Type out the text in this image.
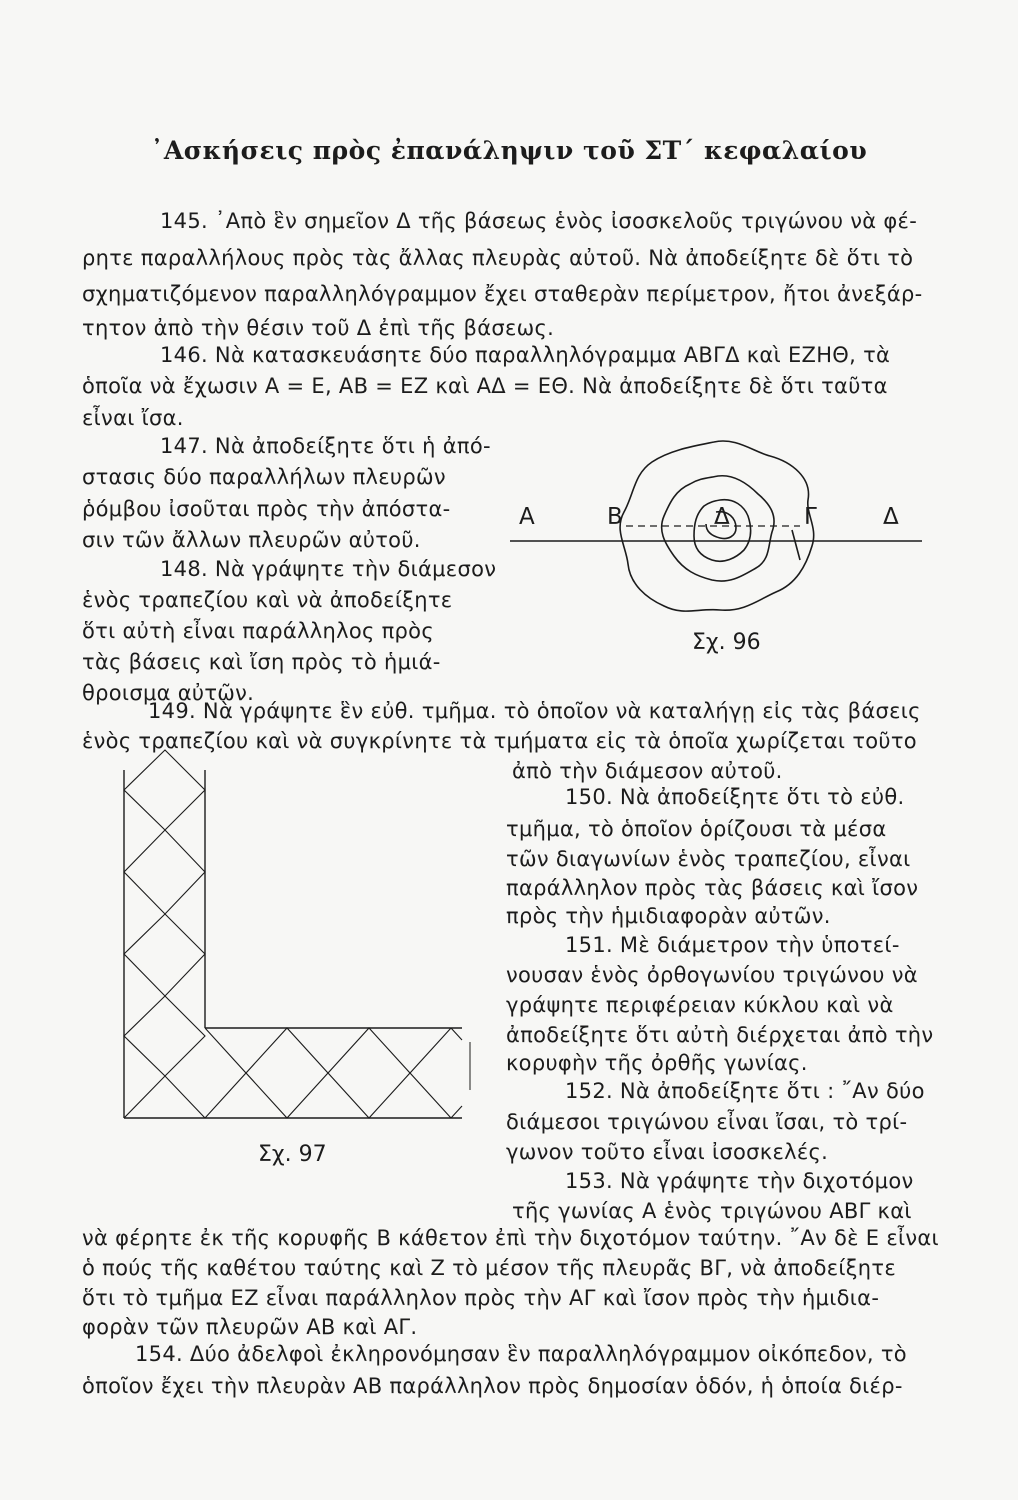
᾽Ασκήσεις πρὸς ἐπανάληψιν τοῦ ΣΤ΄ κεφαλαίου
145. ᾽Απὸ ἓν σημεῖον Δ τῆς βάσεως ἑνὸς ἰσοσκελοῦς τριγώνου νὰ φέ-
ρητε παραλλήλους πρὸς τὰς ἄλλας πλευρὰς αὐτοῦ. Νὰ ἀποδείξητε δὲ ὅτι τὸ
σχηματιζόμενον παραλληλόγραμμον ἔχει σταθερὰν περίμετρον, ἤτοι ἀνεξάρ-
τητον ἀπὸ τὴν θέσιν τοῦ Δ ἐπὶ τῆς βάσεως.
146. Νὰ κατασκευάσητε δύο παραλληλόγραμμα ΑΒΓΔ καὶ ΕΖΗΘ, τὰ
ὁποῖα νὰ ἔχωσιν Α = Ε, ΑΒ = ΕΖ καὶ ΑΔ = ΕΘ. Νὰ ἀποδείξητε δὲ ὅτι ταῦτα
εἶναι ἴσα.
147. Νὰ ἀποδείξητε ὅτι ἡ ἀπό-
στασις δύο παραλλήλων πλευρῶν
ῥόμβου ἰσοῦται πρὸς τὴν ἀπόστα-
σιν τῶν ἄλλων πλευρῶν αὐτοῦ.
148. Νὰ γράψητε τὴν διάμεσον
ἑνὸς τραπεζίου καὶ νὰ ἀποδείξητε
ὅτι αὐτὴ εἶναι παράλληλος πρὸς
τὰς βάσεις καὶ ἴση πρὸς τὸ ἡμιά-
θροισμα αὐτῶν.
149. Νὰ γράψητε ἓν εὐθ. τμῆμα. τὸ ὁποῖον νὰ καταλήγῃ εἰς τὰς βάσεις
ἑνὸς τραπεζίου καὶ νὰ συγκρίνητε τὰ τμήματα εἰς τὰ ὁποῖα χωρίζεται τοῦτο
ἀπὸ τὴν διάμεσον αὐτοῦ.
150. Νὰ ἀποδείξητε ὅτι τὸ εὐθ.
τμῆμα, τὸ ὁποῖον ὁρίζουσι τὰ μέσα
τῶν διαγωνίων ἑνὸς τραπεζίου, εἶναι
παράλληλον πρὸς τὰς βάσεις καὶ ἴσον
πρὸς τὴν ἡμιδιαφορὰν αὐτῶν.
151. Μὲ διάμετρον τὴν ὑποτεί-
νουσαν ἑνὸς ὀρθογωνίου τριγώνου νὰ
γράψητε περιφέρειαν κύκλου καὶ νὰ
ἀποδείξητε ὅτι αὐτὴ διέρχεται ἀπὸ τὴν
κορυφὴν τῆς ὀρθῆς γωνίας.
152. Νὰ ἀποδείξητε ὅτι : ῎Αν δύο
διάμεσοι τριγώνου εἶναι ἴσαι, τὸ τρί-
γωνον τοῦτο εἶναι ἰσοσκελές.
153. Νὰ γράψητε τὴν διχοτόμον
τῆς γωνίας Α ἑνὸς τριγώνου ΑΒΓ καὶ
νὰ φέρητε ἐκ τῆς κορυφῆς Β κάθετον ἐπὶ τὴν διχοτόμον ταύτην. ῎Αν δὲ Ε εἶναι
ὁ πούς τῆς καθέτου ταύτης καὶ Ζ τὸ μέσον τῆς πλευρᾶς ΒΓ, νὰ ἀποδείξητε
ὅτι τὸ τμῆμα ΕΖ εἶναι παράλληλον πρὸς τὴν ΑΓ καὶ ἴσον πρὸς τὴν ἡμιδια-
φορὰν τῶν πλευρῶν ΑΒ καὶ ΑΓ.
154. Δύο ἀδελφοὶ ἐκληρονόμησαν ἓν παραλληλόγραμμον οἰκόπεδον, τὸ
ὁποῖον ἔχει τὴν πλευρὰν ΑΒ παράλληλον πρὸς δημοσίαν ὁδόν, ἡ ὁποία διέρ-
Α	Β	Δ	Γ	Δ
Σχ. 96
Σχ. 97
